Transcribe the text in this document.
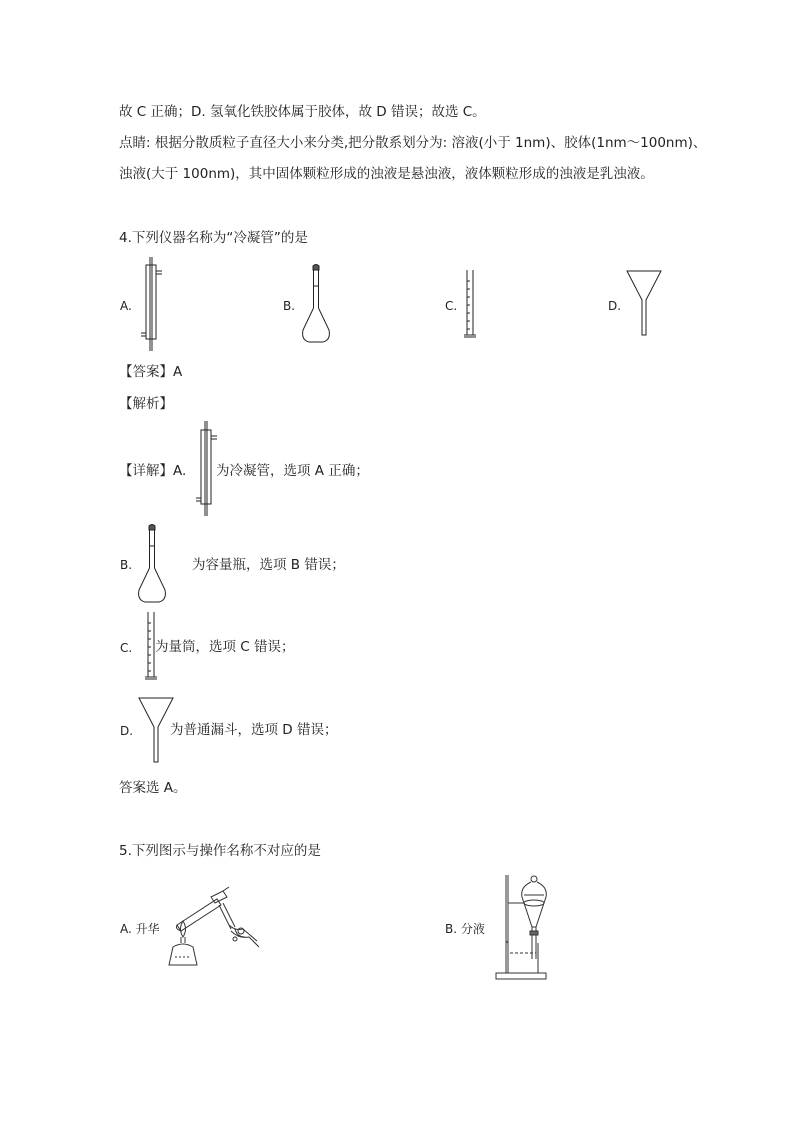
故 C 正确；D. 氢氧化铁胶体属于胶体，故 D 错误；故选 C。
点睛: 根据分散质粒子直径大小来分类,把分散系划分为: 溶液(小于 1nm)、胶体(1nm～100nm)、
浊液(大于 100nm)，其中固体颗粒形成的浊液是悬浊液，液体颗粒形成的浊液是乳浊液。
4.下列仪器名称为“冷凝管”的是
A.	B.	C.	D.
【答案】A
【解析】
【详解】A. 为冷凝管，选项 A 正确；
B.	为容量瓶，选项 B 错误；
C. 为量筒，选项 C 错误；
D.	为普通漏斗，选项 D 错误；
答案选 A。
5.下列图示与操作名称不对应的是
A. 升华	B. 分液
